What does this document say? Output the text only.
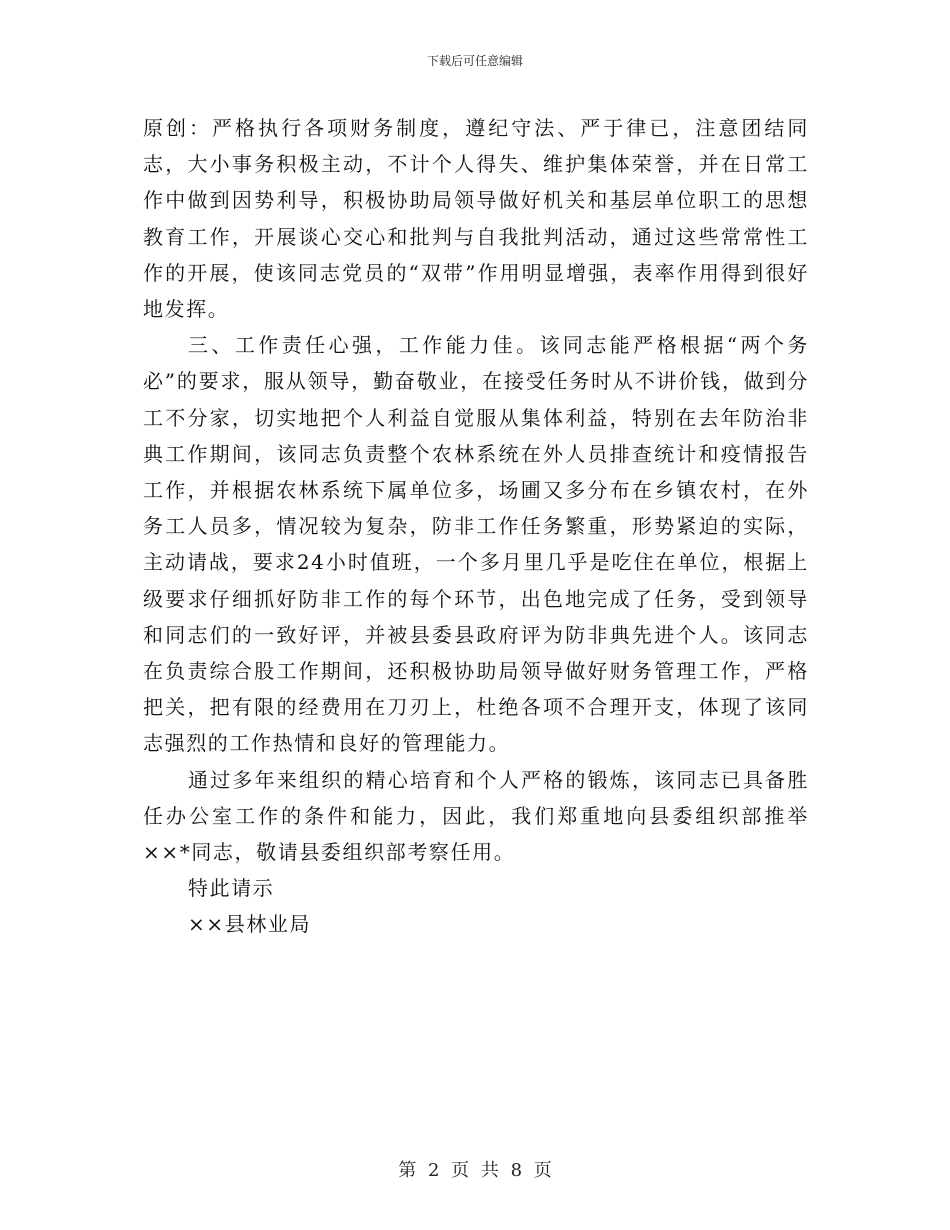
下载后可任意编辑

原创：严格执行各项财务制度，遵纪守法、严于律已，注意团结同志，大小事务积极主动，不计个人得失、维护集体荣誉，并在日常工作中做到因势利导，积极协助局领导做好机关和基层单位职工的思想教育工作，开展谈心交心和批判与自我批判活动，通过这些常常性工作的开展，使该同志党员的“双带”作用明显增强，表率作用得到很好地发挥。

三、工作责任心强，工作能力佳。该同志能严格根据“两个务必”的要求，服从领导，勤奋敬业，在接受任务时从不讲价钱，做到分工不分家，切实地把个人利益自觉服从集体利益，特别在去年防治非典工作期间，该同志负责整个农林系统在外人员排查统计和疫情报告工作，并根据农林系统下属单位多，场圃又多分布在乡镇农村，在外务工人员多，情况较为复杂，防非工作任务繁重，形势紧迫的实际，主动请战，要求24小时值班，一个多月里几乎是吃住在单位，根据上级要求仔细抓好防非工作的每个环节，出色地完成了任务，受到领导和同志们的一致好评，并被县委县政府评为防非典先进个人。该同志在负责综合股工作期间，还积极协助局领导做好财务管理工作，严格把关，把有限的经费用在刀刃上，杜绝各项不合理开支，体现了该同志强烈的工作热情和良好的管理能力。

通过多年来组织的精心培育和个人严格的锻炼，该同志已具备胜任办公室工作的条件和能力，因此，我们郑重地向县委组织部推举××*同志，敬请县委组织部考察任用。

特此请示

××县林业局

第 2 页 共 8 页
